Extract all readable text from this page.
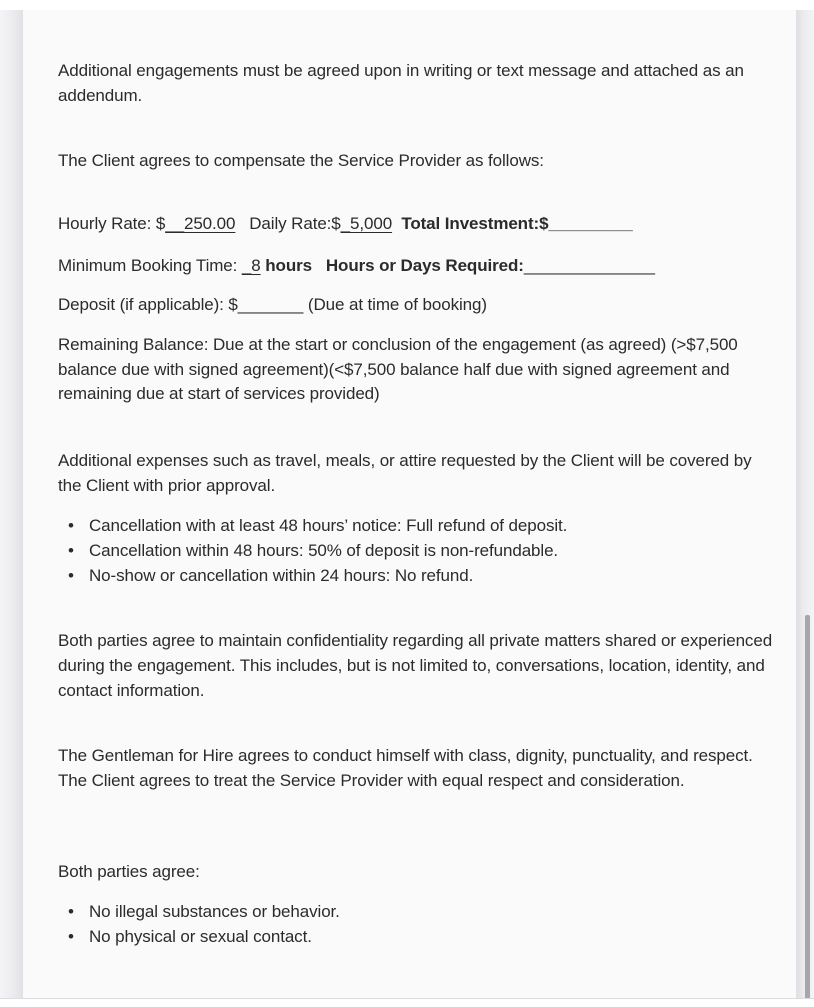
Additional engagements must be agreed upon in writing or text message and attached as an addendum.

The Client agrees to compensate the Service Provider as follows:

Hourly Rate: $__250.00 Daily Rate:$_5,000 Total Investment:$_________

Minimum Booking Time: _8 hours Hours or Days Required:______________

Deposit (if applicable): $_______ (Due at time of booking)

Remaining Balance: Due at the start or conclusion of the engagement (as agreed) (>$7,500 balance due with signed agreement)(<$7,500 balance half due with signed agreement and remaining due at start of services provided)

Additional expenses such as travel, meals, or attire requested by the Client will be covered by the Client with prior approval.

• Cancellation with at least 48 hours’ notice: Full refund of deposit.
• Cancellation within 48 hours: 50% of deposit is non-refundable.
• No-show or cancellation within 24 hours: No refund.

Both parties agree to maintain confidentiality regarding all private matters shared or experienced during the engagement. This includes, but is not limited to, conversations, location, identity, and contact information.

The Gentleman for Hire agrees to conduct himself with class, dignity, punctuality, and respect. The Client agrees to treat the Service Provider with equal respect and consideration.

Both parties agree:

• No illegal substances or behavior.
• No physical or sexual contact.
